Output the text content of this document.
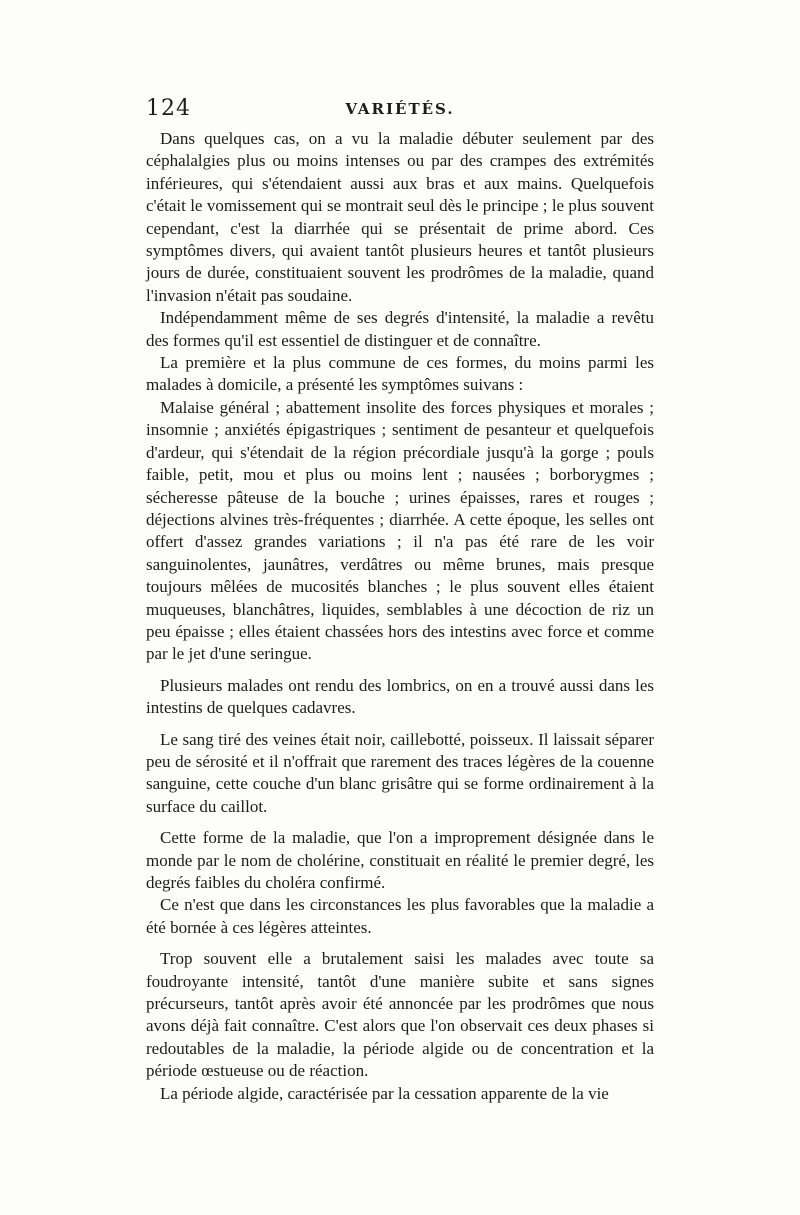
124	VARIÉTÉS.

Dans quelques cas, on a vu la maladie débuter seulement par des céphalalgies plus ou moins intenses ou par des crampes des extrémités inférieures, qui s'étendaient aussi aux bras et aux mains. Quelquefois c'était le vomissement qui se montrait seul dès le principe ; le plus souvent cependant, c'est la diarrhée qui se présentait de prime abord. Ces symptômes divers, qui avaient tantôt plusieurs heures et tantôt plusieurs jours de durée, constituaient souvent les prodrômes de la maladie, quand l'invasion n'était pas soudaine.

Indépendamment même de ses degrés d'intensité, la maladie a revêtu des formes qu'il est essentiel de distinguer et de connaître.

La première et la plus commune de ces formes, du moins parmi les malades à domicile, a présenté les symptômes suivans :

Malaise général ; abattement insolite des forces physiques et morales ; insomnie ; anxiétés épigastriques ; sentiment de pesanteur et quelquefois d'ardeur, qui s'étendait de la région précordiale jusqu'à la gorge ; pouls faible, petit, mou et plus ou moins lent ; nausées ; borborygmes ; sécheresse pâteuse de la bouche ; urines épaisses, rares et rouges ; déjections alvines très-fréquentes ; diarrhée. A cette époque, les selles ont offert d'assez grandes variations ; il n'a pas été rare de les voir sanguinolentes, jaunâtres, verdâtres ou même brunes, mais presque toujours mêlées de mucosités blanches ; le plus souvent elles étaient muqueuses, blanchâtres, liquides, semblables à une décoction de riz un peu épaisse ; elles étaient chassées hors des intestins avec force et comme par le jet d'une seringue.

Plusieurs malades ont rendu des lombrics, on en a trouvé aussi dans les intestins de quelques cadavres.

Le sang tiré des veines était noir, caillebotté, poisseux. Il laissait séparer peu de sérosité et il n'offrait que rarement des traces légères de la couenne sanguine, cette couche d'un blanc grisâtre qui se forme ordinairement à la surface du caillot.

Cette forme de la maladie, que l'on a improprement désignée dans le monde par le nom de cholérine, constituait en réalité le premier degré, les degrés faibles du choléra confirmé.

Ce n'est que dans les circonstances les plus favorables que la maladie a été bornée à ces légères atteintes.

Trop souvent elle a brutalement saisi les malades avec toute sa foudroyante intensité, tantôt d'une manière subite et sans signes précurseurs, tantôt après avoir été annoncée par les prodrômes que nous avons déjà fait connaître. C'est alors que l'on observait ces deux phases si redoutables de la maladie, la période algide ou de concentration et la période œstueuse ou de réaction.

La période algide, caractérisée par la cessation apparente de la vie
